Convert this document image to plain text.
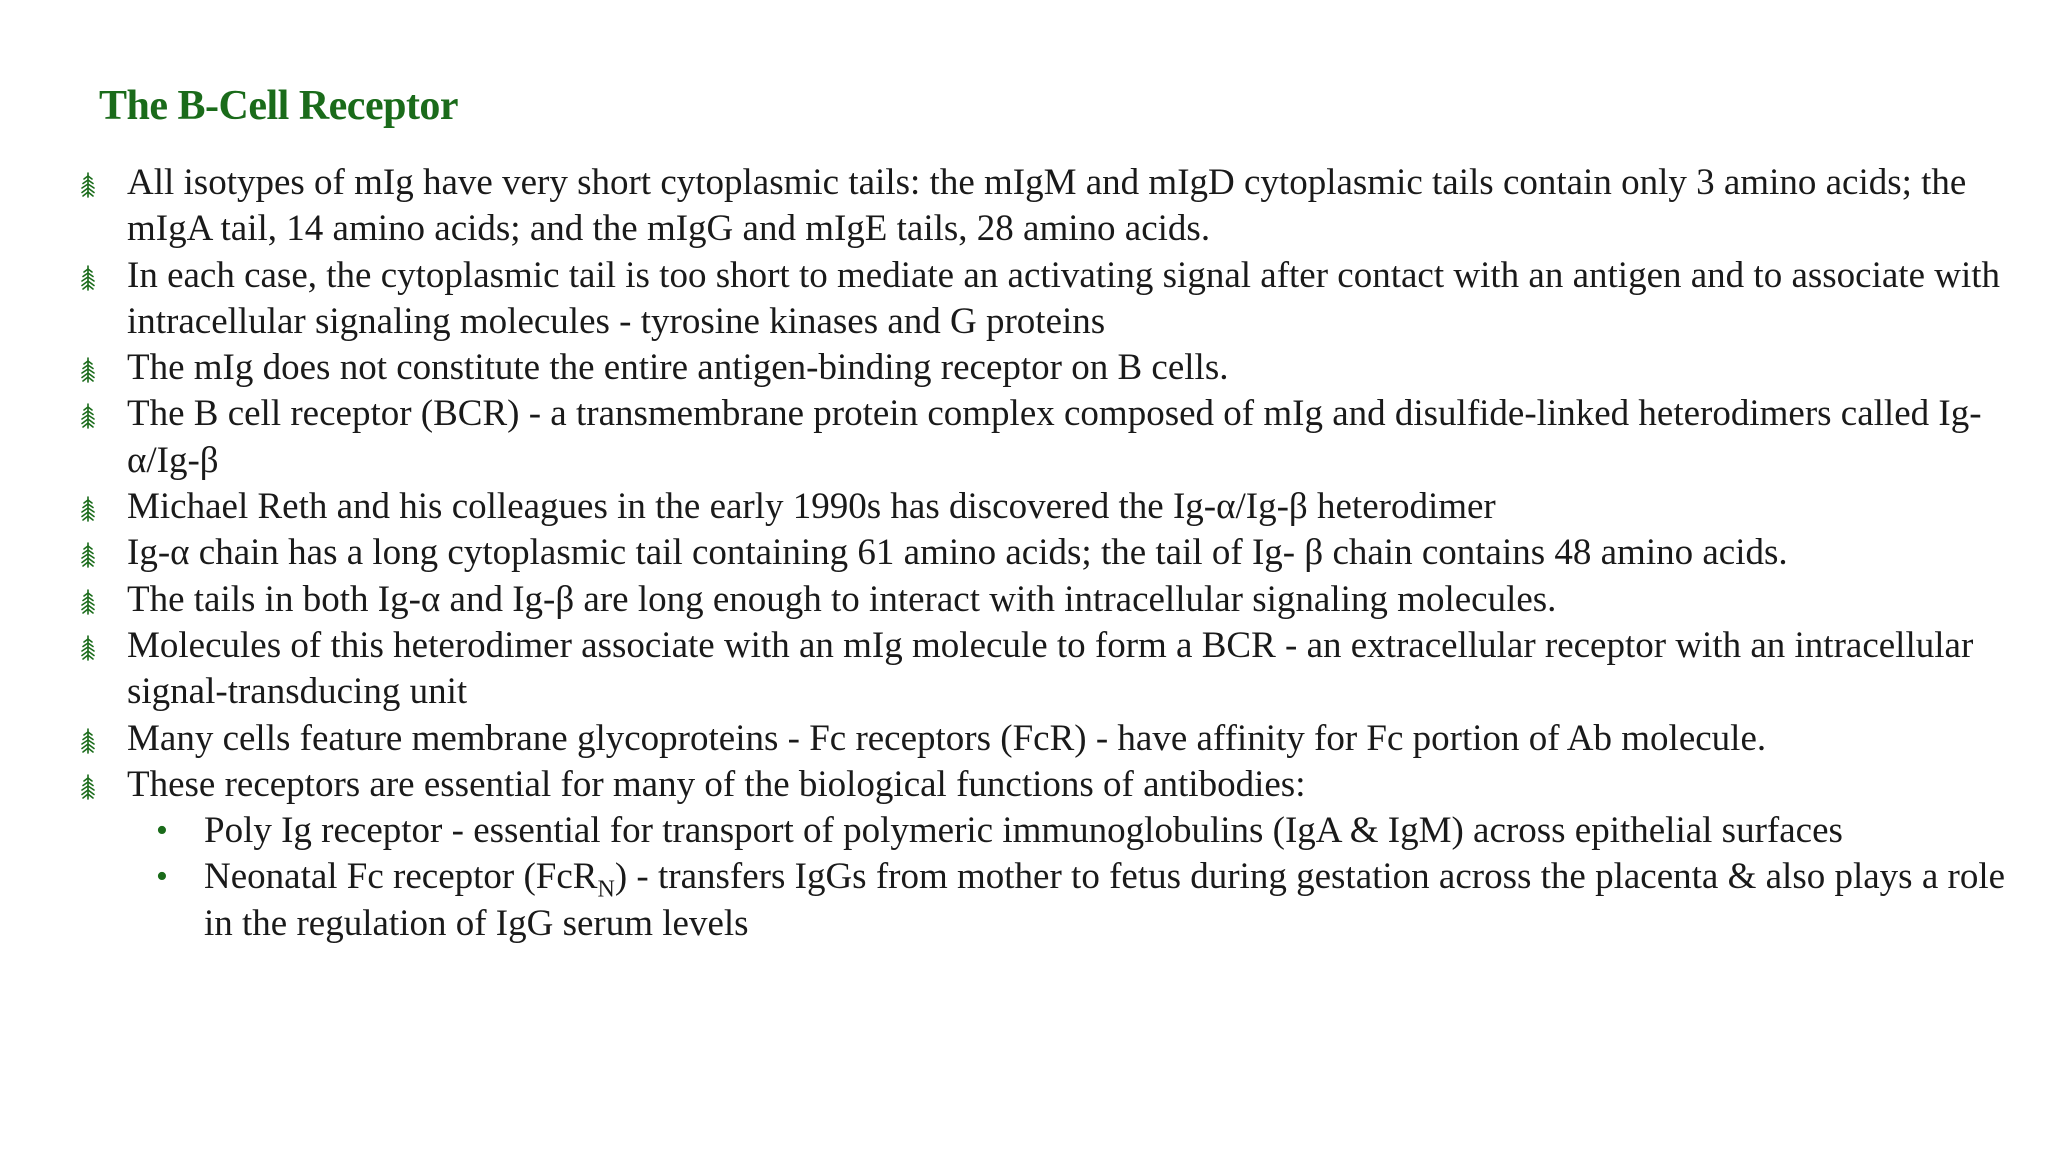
The B-Cell Receptor
All isotypes of mIg have very short cytoplasmic tails: the mIgM and mIgD cytoplasmic tails contain only 3 amino acids; the mIgA tail, 14 amino acids; and the mIgG and mIgE tails, 28 amino acids.
In each case, the cytoplasmic tail is too short to mediate an activating signal after contact with an antigen and to associate with intracellular signaling molecules - tyrosine kinases and G proteins
The mIg does not constitute the entire antigen-binding receptor on B cells.
The B cell receptor (BCR) - a transmembrane protein complex composed of mIg and disulfide-linked heterodimers called Ig-α/Ig-β
Michael Reth and his colleagues in the early 1990s has discovered the Ig-α/Ig-β heterodimer
Ig-α chain has a long cytoplasmic tail containing 61 amino acids; the tail of Ig- β chain contains 48 amino acids.
The tails in both Ig-α and Ig-β are long enough to interact with intracellular signaling molecules.
Molecules of this heterodimer associate with an mIg molecule to form a BCR - an extracellular receptor with an intracellular signal-transducing unit
Many cells feature membrane glycoproteins - Fc receptors (FcR) - have affinity for Fc portion of Ab molecule.
These receptors are essential for many of the biological functions of antibodies:
• Poly Ig receptor - essential for transport of polymeric immunoglobulins (IgA & IgM) across epithelial surfaces
• Neonatal Fc receptor (FcR$_N$) - transfers IgGs from mother to fetus during gestation across the placenta & also plays a role in the regulation of IgG serum levels
